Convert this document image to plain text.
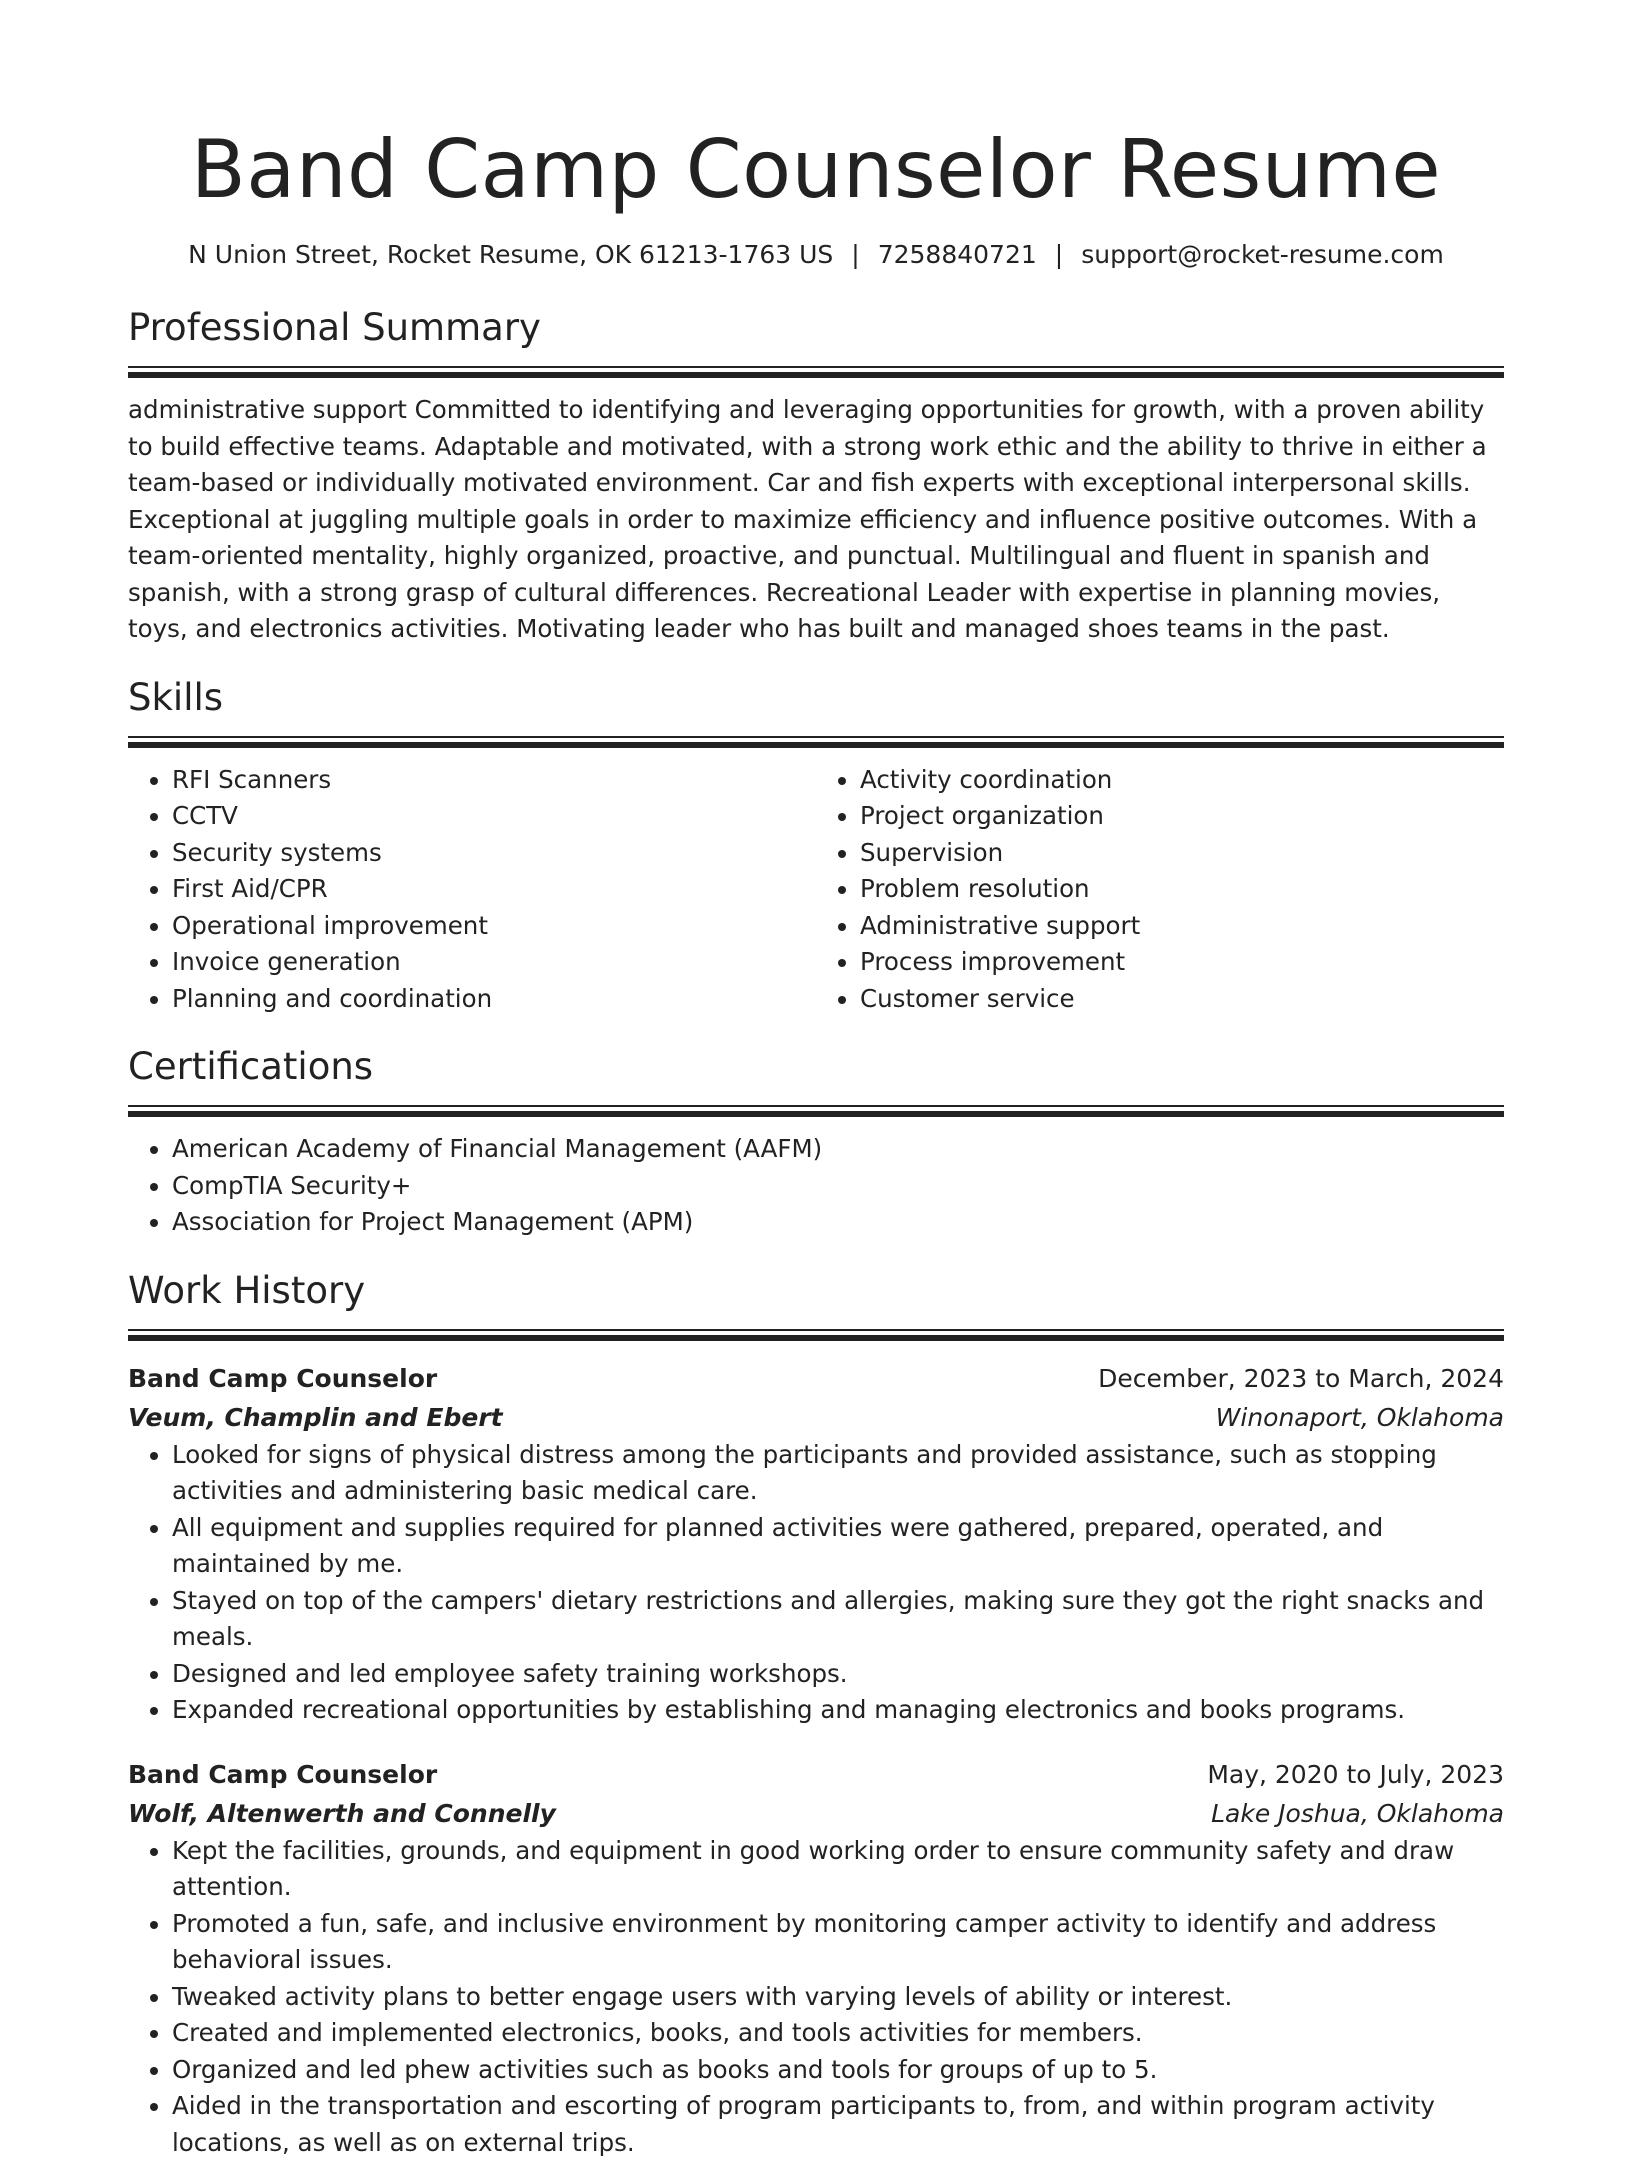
Band Camp Counselor Resume
N Union Street, Rocket Resume, OK 61213-1763 US | 7258840721 | support@rocket-resume.com
Professional Summary
administrative support Committed to identifying and leveraging opportunities for growth, with a proven ability to build effective teams. Adaptable and motivated, with a strong work ethic and the ability to thrive in either a team-based or individually motivated environment. Car and fish experts with exceptional interpersonal skills. Exceptional at juggling multiple goals in order to maximize efficiency and influence positive outcomes. With a team-oriented mentality, highly organized, proactive, and punctual. Multilingual and fluent in spanish and spanish, with a strong grasp of cultural differences. Recreational Leader with expertise in planning movies, toys, and electronics activities. Motivating leader who has built and managed shoes teams in the past.
Skills
• RFI Scanners
• CCTV
• Security systems
• First Aid/CPR
• Operational improvement
• Invoice generation
• Planning and coordination
• Activity coordination
• Project organization
• Supervision
• Problem resolution
• Administrative support
• Process improvement
• Customer service
Certifications
• American Academy of Financial Management (AAFM)
• CompTIA Security+
• Association for Project Management (APM)
Work History
Band Camp Counselor	December, 2023 to March, 2024
Veum, Champlin and Ebert	Winonaport, Oklahoma
• Looked for signs of physical distress among the participants and provided assistance, such as stopping activities and administering basic medical care.
• All equipment and supplies required for planned activities were gathered, prepared, operated, and maintained by me.
• Stayed on top of the campers' dietary restrictions and allergies, making sure they got the right snacks and meals.
• Designed and led employee safety training workshops.
• Expanded recreational opportunities by establishing and managing electronics and books programs.
Band Camp Counselor	May, 2020 to July, 2023
Wolf, Altenwerth and Connelly	Lake Joshua, Oklahoma
• Kept the facilities, grounds, and equipment in good working order to ensure community safety and draw attention.
• Promoted a fun, safe, and inclusive environment by monitoring camper activity to identify and address behavioral issues.
• Tweaked activity plans to better engage users with varying levels of ability or interest.
• Created and implemented electronics, books, and tools activities for members.
• Organized and led phew activities such as books and tools for groups of up to 5.
• Aided in the transportation and escorting of program participants to, from, and within program activity locations, as well as on external trips.
